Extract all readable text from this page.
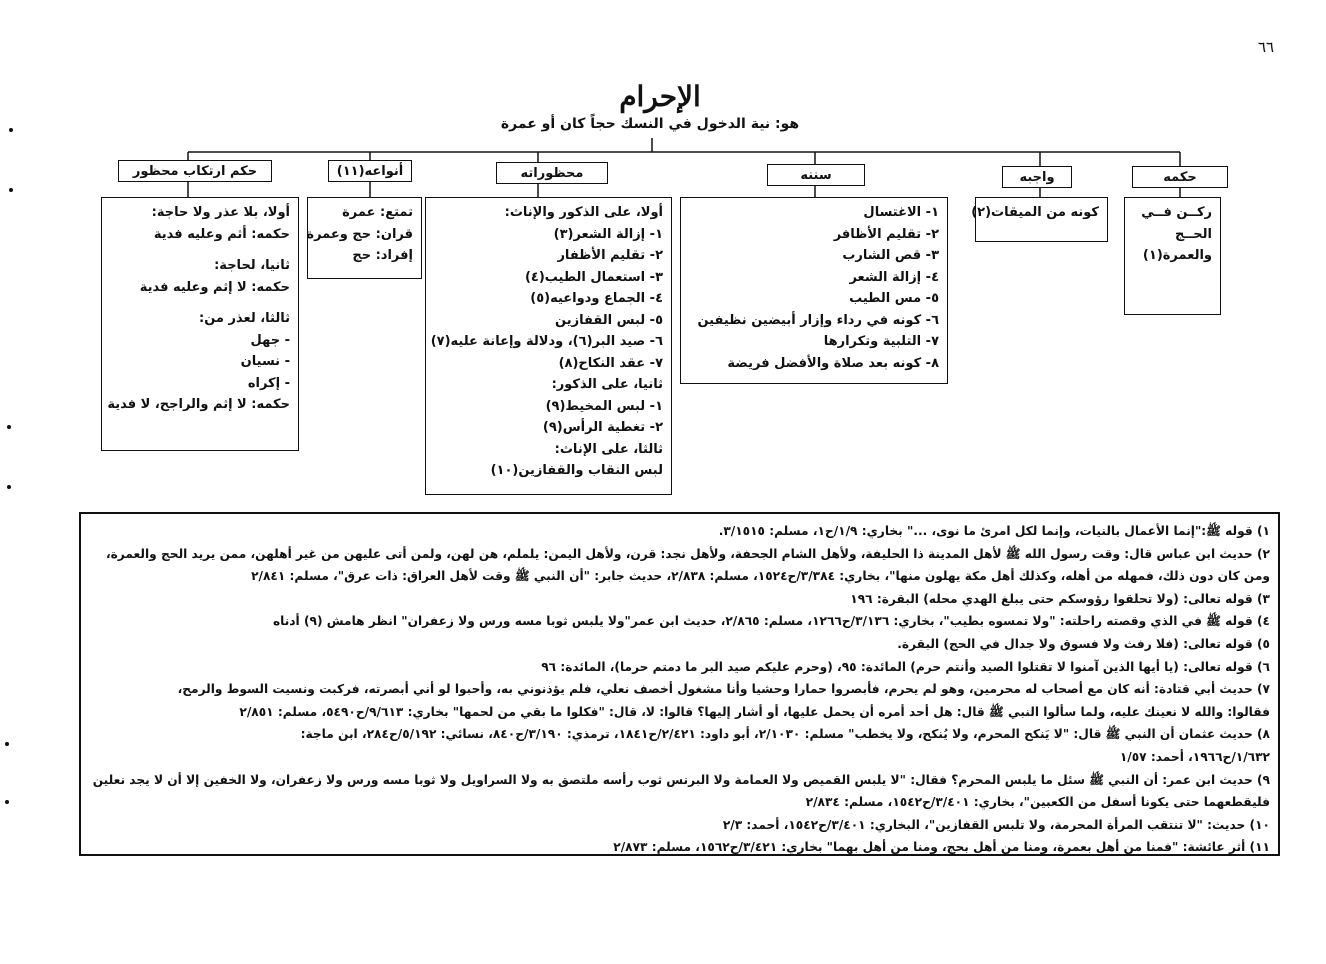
٦٦
الإحرام
هو: نية الدخول في النسك حجاً كان أو عمرة
حكمه
واجبه
سننه
محظوراته
أنواعه(١١)
حكم ارتكاب محظور
ركــن فــي
الحــج
والعمرة(١)
كونه من الميقات(٢)
١- الاغتسال
٢- تقليم الأظافر
٣- قص الشارب
٤- إزالة الشعر
٥- مس الطيب
٦- كونه في رداء وإزار أبيضين نظيفين
٧- التلبية وتكرارها
٨- كونه بعد صلاة والأفضل فريضة
أولا، على الذكور والإناث:
١- إزالة الشعر(٣)
٢- تقليم الأظفار
٣- استعمال الطيب(٤)
٤- الجماع ودواعيه(٥)
٥- لبس القفازين
٦- صيد البر(٦)، ودلالة وإعانة عليه(٧)
٧- عقد النكاح(٨)
ثانيا، على الذكور:
١- لبس المخيط(٩)
٢- تغطية الرأس(٩)
ثالثا، على الإناث:
لبس النقاب والقفازين(١٠)
تمتع: عمرة
قران: حج وعمرة
إفراد: حج
أولا، بلا عذر ولا حاجة:
حكمه: أثم وعليه فدية
ثانيا، لحاجة:
حكمه: لا إثم وعليه فدية
ثالثا، لعذر من:
- جهل
- نسيان
- إكراه
حكمه: لا إثم والراجح، لا فدية
١) قوله ﷺ:"إنما الأعمال بالنيات، وإنما لكل امرئ ما نوى، ..." بخاري: ١/٩/ح١، مسلم: ٣/١٥١٥.
٢) حديث ابن عباس قال: وقت رسول الله ﷺ لأهل المدينة ذا الحليفة، ولأهل الشام الجحفة، ولأهل نجد: قرن، ولأهل اليمن: يلملم، هن لهن، ولمن أتى عليهن من غير أهلهن، ممن يريد الحج والعمرة،
ومن كان دون ذلك، فمهله من أهله، وكذلك أهل مكة يهلون منها"، بخاري: ٣/٣٨٤/ح١٥٢٤، مسلم: ٢/٨٣٨، حديث جابر: "أن النبي ﷺ وقت لأهل العراق: ذات عرق"، مسلم: ٢/٨٤١
٣) قوله تعالى: (ولا تحلقوا رؤوسكم حتى يبلغ الهدي محله) البقرة: ١٩٦
٤) قوله ﷺ في الذي وقصته راحلته: "ولا تمسوه بطيب"، بخاري: ٣/١٣٦/ح١٢٦٦، مسلم: ٢/٨٦٥، حديث ابن عمر"ولا يلبس ثوبا مسه ورس ولا زعفران" انظر هامش (٩) أدناه
٥) قوله تعالى: (فلا رفث ولا فسوق ولا جدال في الحج) البقرة.
٦) قوله تعالى: (يا أيها الذين آمنوا لا تقتلوا الصيد وأنتم حرم) المائدة: ٩٥، (وحرم عليكم صيد البر ما دمتم حرما)، المائدة: ٩٦
٧) حديث أبي قتادة: أنه كان مع أصحاب له محرمين، وهو لم يحرم، فأبصروا حمارا وحشيا وأنا مشغول أخصف نعلي، فلم يؤذنوني به، وأحبوا لو أني أبصرته، فركبت ونسيت السوط والرمح،
فقالوا: والله لا نعينك عليه، ولما سألوا النبي ﷺ قال: هل أحد أمره أن يحمل عليها، أو أشار إليها؟ قالوا: لا، قال: "فكلوا ما بقي من لحمها" بخاري: ٩/٦١٣/ح٥٤٩٠، مسلم: ٢/٨٥١
٨) حديث عثمان أن النبي ﷺ قال: "لا يَنكح المحرم، ولا يُنكح، ولا يخطب" مسلم: ٢/١٠٣٠، أبو داود: ٢/٤٢١/ح١٨٤١، ترمذي: ٣/١٩٠/ح٨٤٠، نسائي: ٥/١٩٢/ح٢٨٤، ابن ماجة:
١/٦٣٢/ح١٩٦٦، أحمد: ١/٥٧
٩) حديث ابن عمر: أن النبي ﷺ سئل ما يلبس المحرم؟ فقال: "لا يلبس القميص ولا العمامة ولا البرنس ثوب رأسه ملتصق به ولا السراويل ولا ثوبا مسه ورس ولا زعفران، ولا الخفين إلا أن لا يجد نعلين
فليقطعهما حتى يكونا أسفل من الكعبين"، بخاري: ٣/٤٠١/ح١٥٤٢، مسلم: ٢/٨٣٤
١٠) حديث: "لا تنتقب المرأة المحرمة، ولا تلبس القفازين"، البخاري: ٣/٤٠١/ح١٥٤٢، أحمد: ٢/٣
١١) أثر عائشة: "فمنا من أهل بعمرة، ومنا من أهل بحج، ومنا من أهل بهما" بخاري: ٣/٤٢١/ح١٥٦٢، مسلم: ٢/٨٧٣
